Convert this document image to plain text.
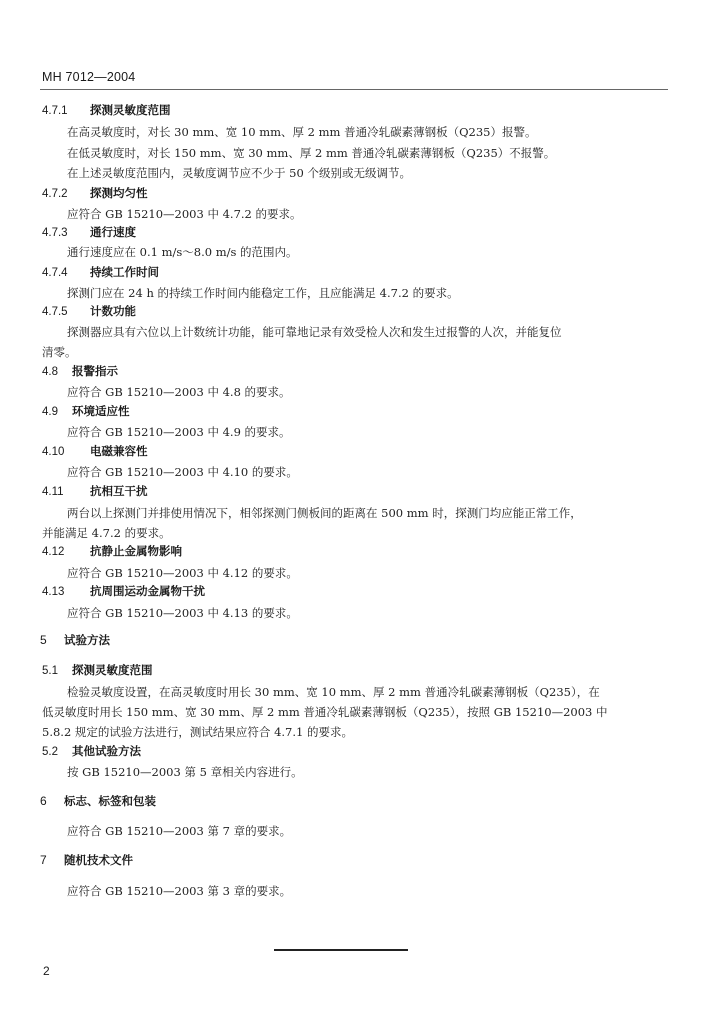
MH 7012—2004
4.7.1 探测灵敏度范围
在高灵敏度时，对长 30 mm、宽 10 mm、厚 2 mm 普通冷轧碳素薄钢板（Q235）报警。
在低灵敏度时，对长 150 mm、宽 30 mm、厚 2 mm 普通冷轧碳素薄钢板（Q235）不报警。
在上述灵敏度范围内，灵敏度调节应不少于 50 个级别或无级调节。
4.7.2 探测均匀性
应符合 GB 15210—2003 中 4.7.2 的要求。
4.7.3 通行速度
通行速度应在 0.1 m/s～8.0 m/s 的范围内。
4.7.4 持续工作时间
探测门应在 24 h 的持续工作时间内能稳定工作，且应能满足 4.7.2 的要求。
4.7.5 计数功能
探测器应具有六位以上计数统计功能，能可靠地记录有效受检人次和发生过报警的人次，并能复位
清零。
4.8 报警指示
应符合 GB 15210—2003 中 4.8 的要求。
4.9 环境适应性
应符合 GB 15210—2003 中 4.9 的要求。
4.10 电磁兼容性
应符合 GB 15210—2003 中 4.10 的要求。
4.11 抗相互干扰
两台以上探测门并排使用情况下，相邻探测门侧板间的距离在 500 mm 时，探测门均应能正常工作，
并能满足 4.7.2 的要求。
4.12 抗静止金属物影响
应符合 GB 15210—2003 中 4.12 的要求。
4.13 抗周围运动金属物干扰
应符合 GB 15210—2003 中 4.13 的要求。
5 试验方法
5.1 探测灵敏度范围
检验灵敏度设置，在高灵敏度时用长 30 mm、宽 10 mm、厚 2 mm 普通冷轧碳素薄钢板（Q235），在
低灵敏度时用长 150 mm、宽 30 mm、厚 2 mm 普通冷轧碳素薄钢板（Q235），按照 GB 15210—2003 中
5.8.2 规定的试验方法进行，测试结果应符合 4.7.1 的要求。
5.2 其他试验方法
按 GB 15210—2003 第 5 章相关内容进行。
6 标志、标签和包装
应符合 GB 15210—2003 第 7 章的要求。
7 随机技术文件
应符合 GB 15210—2003 第 3 章的要求。
2
